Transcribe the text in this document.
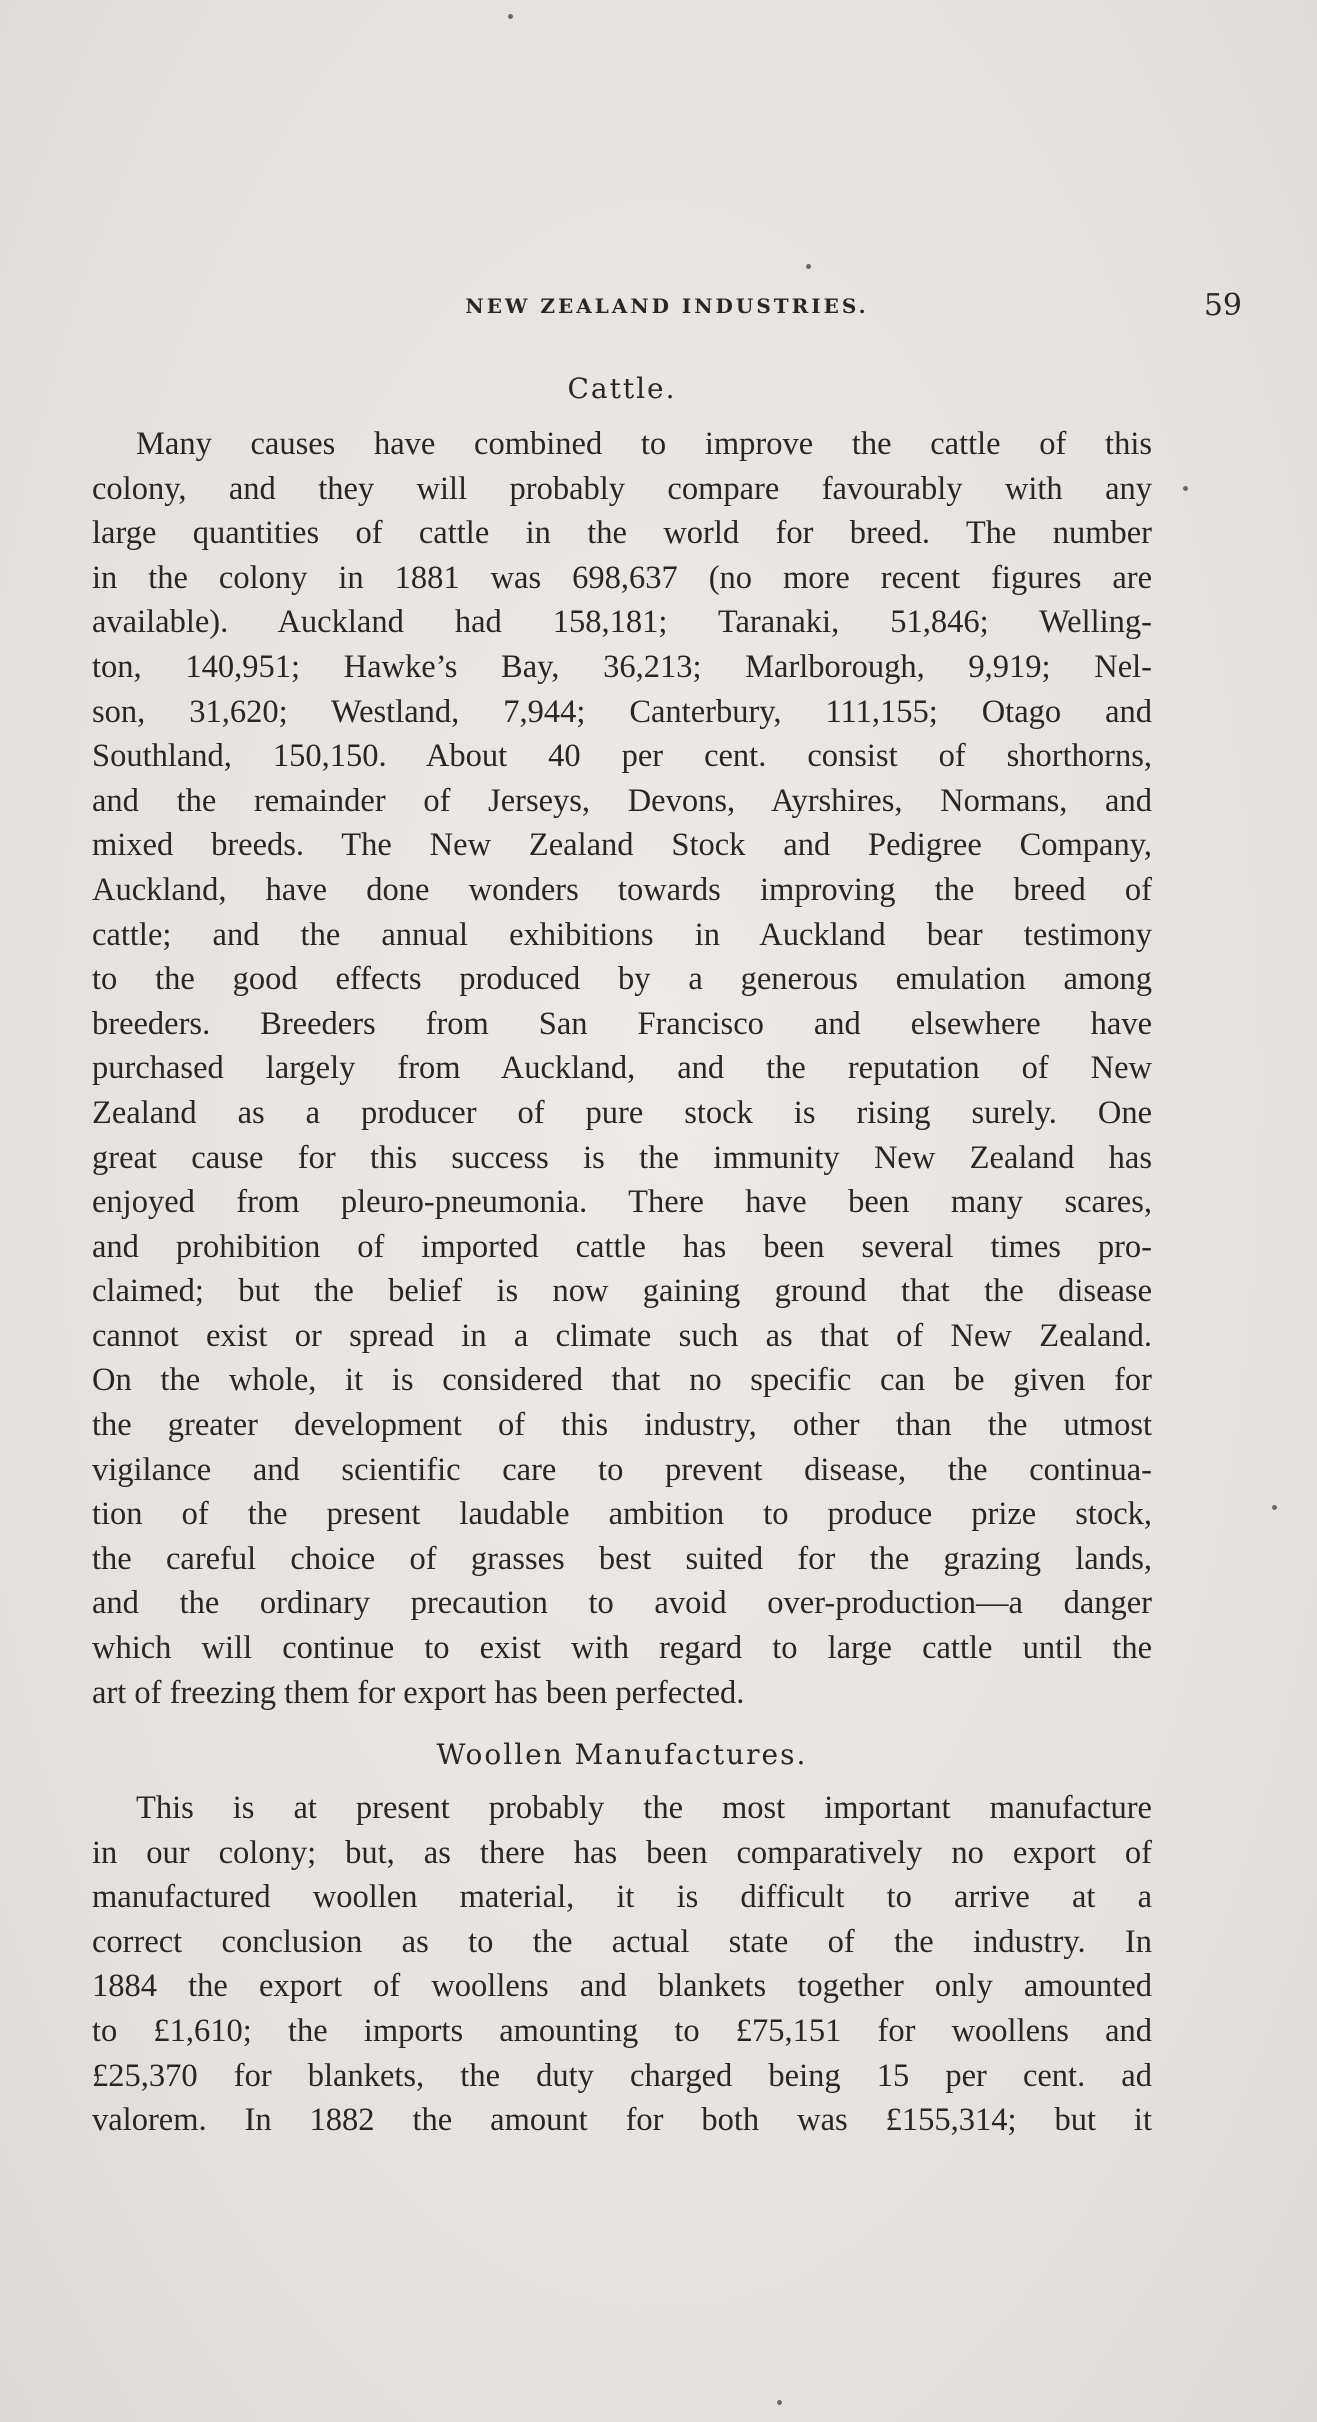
NEW ZEALAND INDUSTRIES.	59
Cattle.
Many causes have combined to improve the cattle of this
colony, and they will probably compare favourably with any
large quantities of cattle in the world for breed. The number
in the colony in 1881 was 698,637 (no more recent figures are
available). Auckland had 158,181; Taranaki, 51,846; Welling-
ton, 140,951; Hawke’s Bay, 36,213; Marlborough, 9,919; Nel-
son, 31,620; Westland, 7,944; Canterbury, 111,155; Otago and
Southland, 150,150. About 40 per cent. consist of shorthorns,
and the remainder of Jerseys, Devons, Ayrshires, Normans, and
mixed breeds. The New Zealand Stock and Pedigree Company,
Auckland, have done wonders towards improving the breed of
cattle; and the annual exhibitions in Auckland bear testimony
to the good effects produced by a generous emulation among
breeders. Breeders from San Francisco and elsewhere have
purchased largely from Auckland, and the reputation of New
Zealand as a producer of pure stock is rising surely. One
great cause for this success is the immunity New Zealand has
enjoyed from pleuro-pneumonia. There have been many scares,
and prohibition of imported cattle has been several times pro-
claimed; but the belief is now gaining ground that the disease
cannot exist or spread in a climate such as that of New Zealand.
On the whole, it is considered that no specific can be given for
the greater development of this industry, other than the utmost
vigilance and scientific care to prevent disease, the continua-
tion of the present laudable ambition to produce prize stock,
the careful choice of grasses best suited for the grazing lands,
and the ordinary precaution to avoid over-production—a danger
which will continue to exist with regard to large cattle until the
art of freezing them for export has been perfected.
Woollen Manufactures.
This is at present probably the most important manufacture
in our colony; but, as there has been comparatively no export of
manufactured woollen material, it is difficult to arrive at a
correct conclusion as to the actual state of the industry. In
1884 the export of woollens and blankets together only amounted
to £1,610; the imports amounting to £75,151 for woollens and
£25,370 for blankets, the duty charged being 15 per cent. ad
valorem. In 1882 the amount for both was £155,314; but it
